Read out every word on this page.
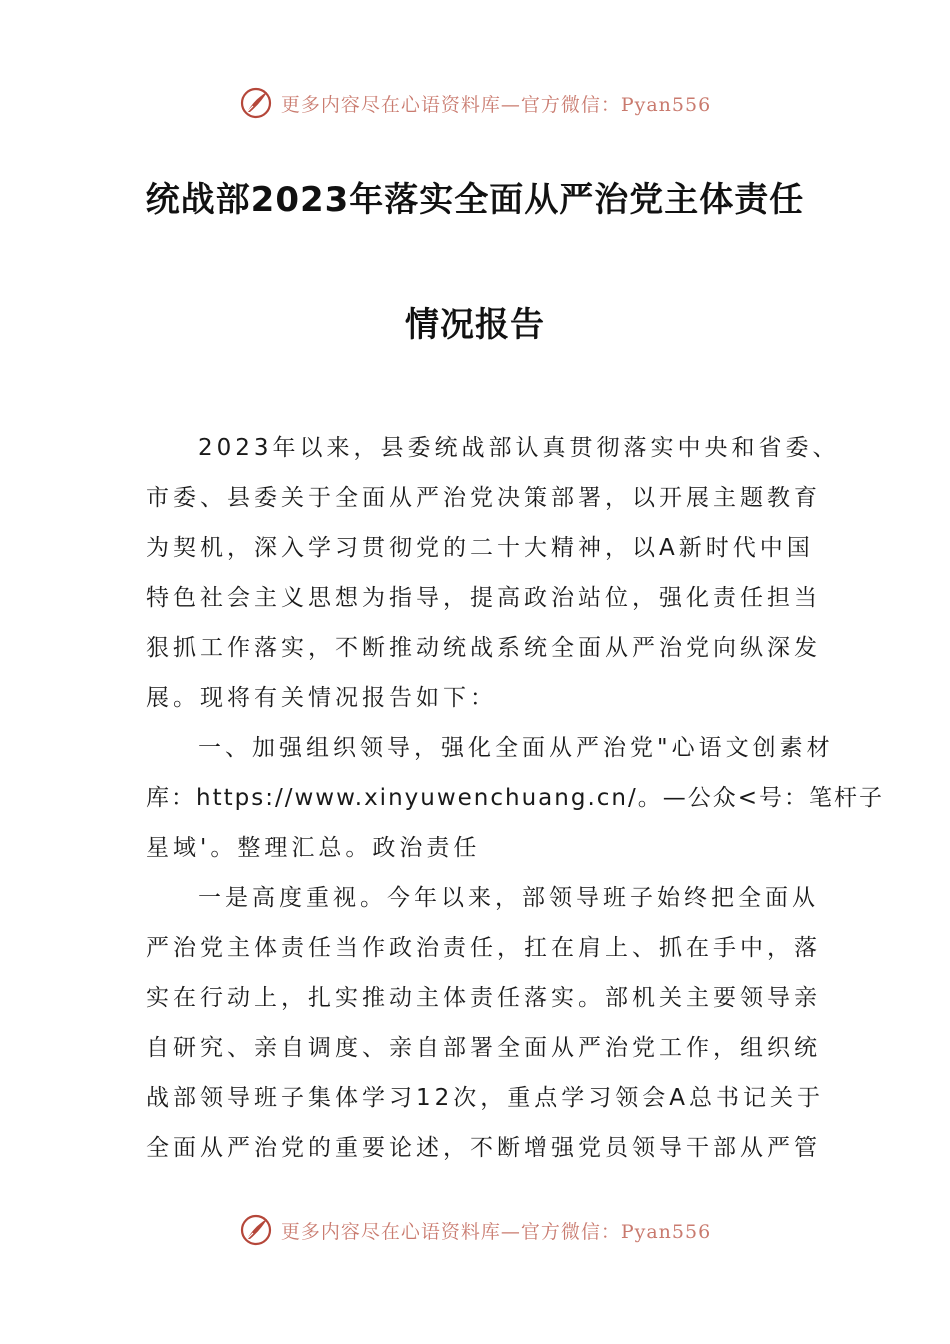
更多内容尽在心语资料库—官方微信：Pyan556
统战部2023年落实全面从严治党主体责任
情况报告
2023年以来，县委统战部认真贯彻落实中央和省委、
市委、县委关于全面从严治党决策部署，以开展主题教育
为契机，深入学习贯彻党的二十大精神，以A新时代中国
特色社会主义思想为指导，提高政治站位，强化责任担当
狠抓工作落实，不断推动统战系统全面从严治党向纵深发
展。现将有关情况报告如下：
一、加强组织领导，强化全面从严治党"心语文创素材
库：https://www.xinyuwenchuang.cn/。—公众<号：笔杆子
星域'。整理汇总。政治责任
一是高度重视。今年以来，部领导班子始终把全面从
严治党主体责任当作政治责任，扛在肩上、抓在手中，落
实在行动上，扎实推动主体责任落实。部机关主要领导亲
自研究、亲自调度、亲自部署全面从严治党工作，组织统
战部领导班子集体学习12次，重点学习领会A总书记关于
全面从严治党的重要论述，不断增强党员领导干部从严管
更多内容尽在心语资料库—官方微信：Pyan556
